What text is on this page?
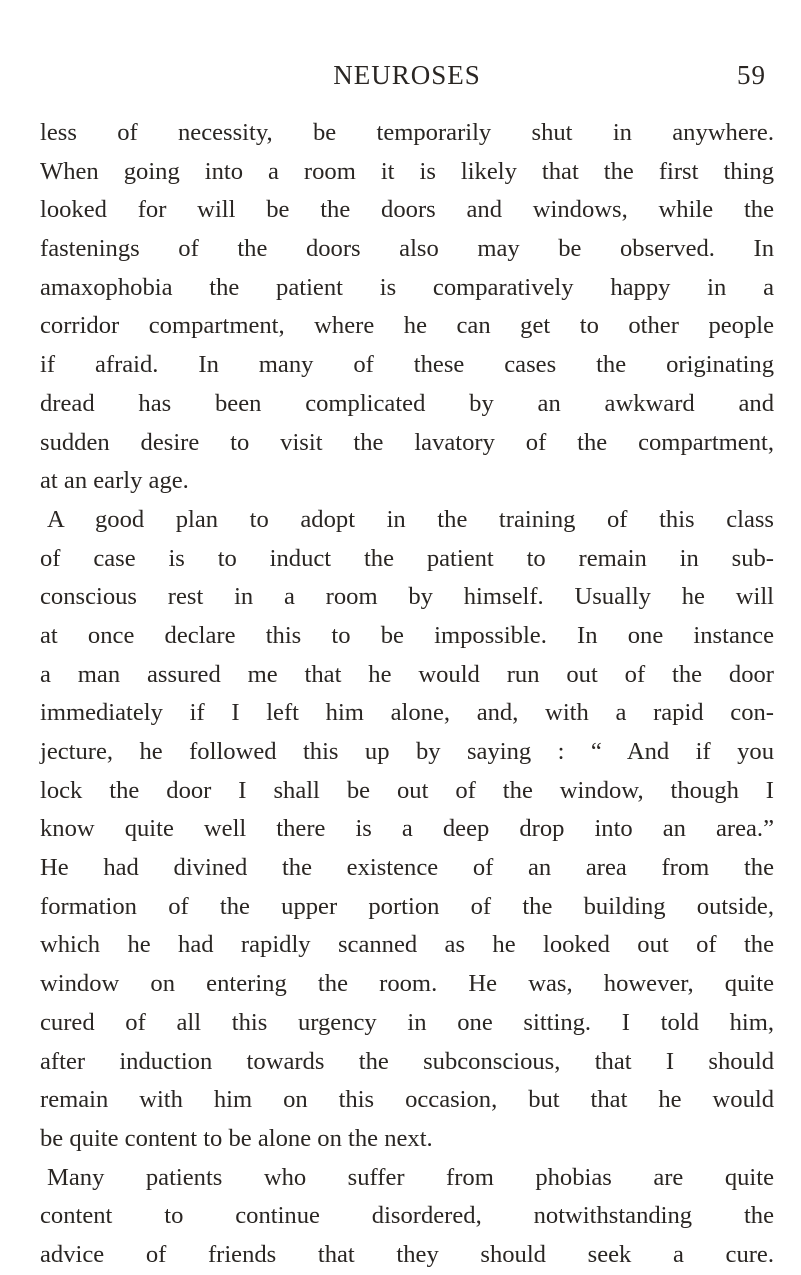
NEUROSES	59
less of necessity, be temporarily shut in anywhere.
When going into a room it is likely that the first thing
looked for will be the doors and windows, while the
fastenings of the doors also may be observed. In
amaxophobia the patient is comparatively happy in a
corridor compartment, where he can get to other people
if afraid. In many of these cases the originating
dread has been complicated by an awkward and
sudden desire to visit the lavatory of the compartment,
at an early age.
A good plan to adopt in the training of this class
of case is to induct the patient to remain in sub-
conscious rest in a room by himself. Usually he will
at once declare this to be impossible. In one instance
a man assured me that he would run out of the door
immediately if I left him alone, and, with a rapid con-
jecture, he followed this up by saying : “ And if you
lock the door I shall be out of the window, though I
know quite well there is a deep drop into an area.”
He had divined the existence of an area from the
formation of the upper portion of the building outside,
which he had rapidly scanned as he looked out of the
window on entering the room. He was, however, quite
cured of all this urgency in one sitting. I told him,
after induction towards the subconscious, that I should
remain with him on this occasion, but that he would
be quite content to be alone on the next.
Many patients who suffer from phobias are quite
content to continue disordered, notwithstanding the
advice of friends that they should seek a cure.
